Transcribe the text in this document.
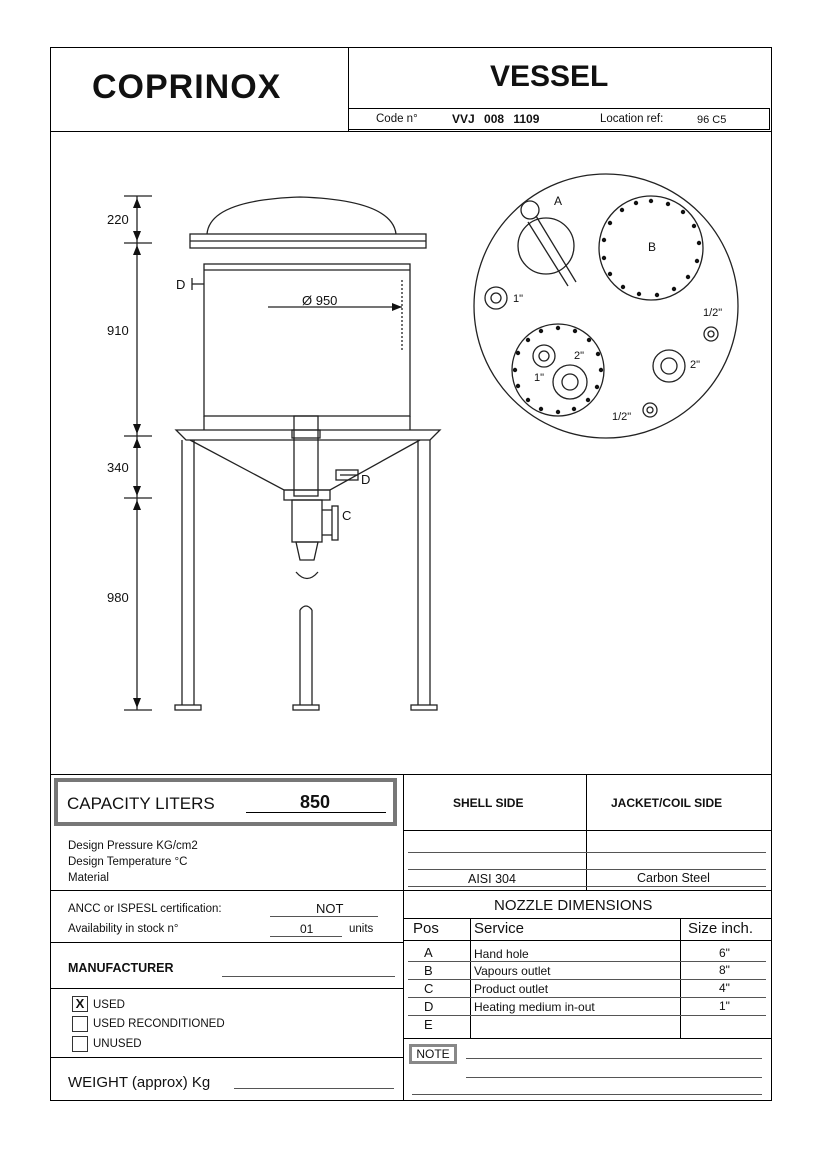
COPRINOX	VESSEL
Code n°	VVJ 008 1109	Location ref:	96 C5
220
910
340
980
Ø 950
D
D
C
A
B
1"
1/2"
2"
1"
2"
1/2"
CAPACITY LITERS	850	SHELL SIDE	JACKET/COIL SIDE
Design Pressure KG/cm2
Design Temperature °C
Material	AISI 304	Carbon Steel
ANCC or ISPESL certification:	NOT
Availability in stock n°	01	units
MANUFACTURER
X USED
USED RECONDITIONED
UNUSED
WEIGHT (approx) Kg
NOZZLE DIMENSIONS
Pos Service	Size inch.
A	Hand hole	6"
B	Vapours outlet	8"
C	Product outlet	4"
D	Heating medium in-out	1"
E
NOTE
